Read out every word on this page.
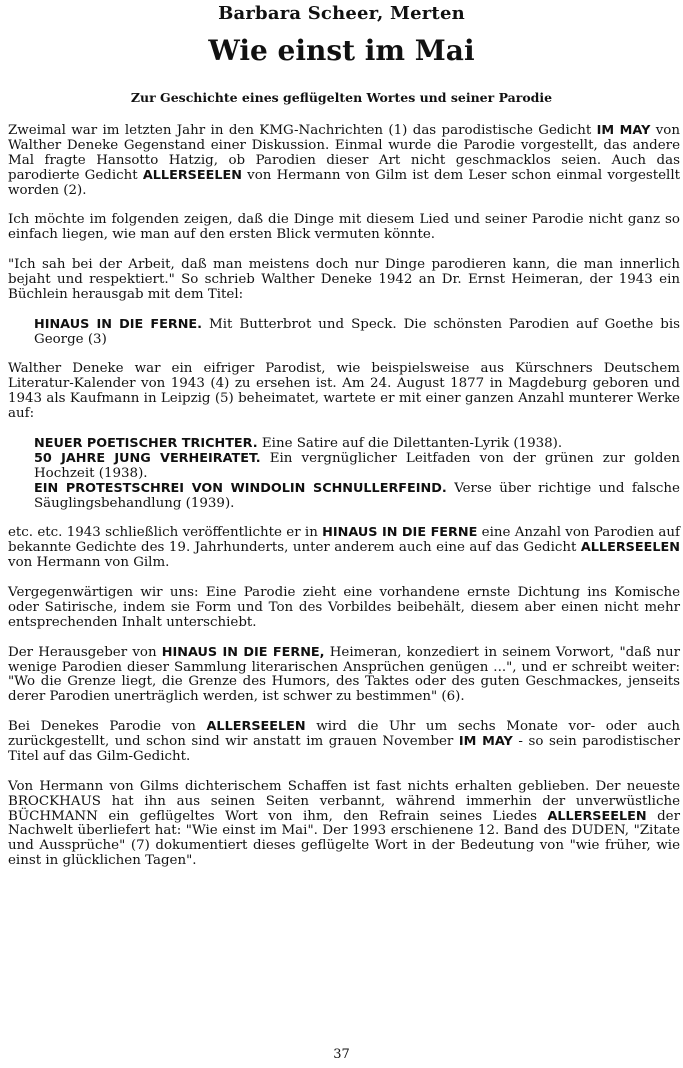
Barbara Scheer, Merten
Wie einst im Mai
Zur Geschichte eines geflügelten Wortes und seiner Parodie

Zweimal war im letzten Jahr in den KMG-Nachrichten (1) das parodistische Gedicht IM MAY von Walther Deneke Gegenstand einer Diskussion. Einmal wurde die Parodie vorgestellt, das andere Mal fragte Hansotto Hatzig, ob Parodien dieser Art nicht geschmacklos seien. Auch das parodierte Gedicht ALLERSEELEN von Hermann von Gilm ist dem Leser schon einmal vorgestellt worden (2).

Ich möchte im folgenden zeigen, daß die Dinge mit diesem Lied und seiner Parodie nicht ganz so einfach liegen, wie man auf den ersten Blick vermuten könnte.

"Ich sah bei der Arbeit, daß man meistens doch nur Dinge parodieren kann, die man innerlich bejaht und respektiert." So schrieb Walther Deneke 1942 an Dr. Ernst Heimeran, der 1943 ein Büchlein herausgab mit dem Titel:

HINAUS IN DIE FERNE. Mit Butterbrot und Speck. Die schönsten Parodien auf Goethe bis George (3)

Walther Deneke war ein eifriger Parodist, wie beispielsweise aus Kürschners Deutschem Literatur-Kalender von 1943 (4) zu ersehen ist. Am 24. August 1877 in Magdeburg geboren und 1943 als Kaufmann in Leipzig (5) beheimatet, wartete er mit einer ganzen Anzahl munterer Werke auf:

NEUER POETISCHER TRICHTER. Eine Satire auf die Dilettanten-Lyrik (1938).

50 JAHRE JUNG VERHEIRATET. Ein vergnüglicher Leitfaden von der grünen zur golden Hochzeit (1938).

EIN PROTESTSCHREI VON WINDOLIN SCHNULLERFEIND. Verse über richtige und falsche Säuglingsbehandlung (1939).

etc. etc. 1943 schließlich veröffentlichte er in HINAUS IN DIE FERNE eine Anzahl von Parodien auf bekannte Gedichte des 19. Jahrhunderts, unter anderem auch eine auf das Gedicht ALLERSEELEN von Hermann von Gilm.

Vergegenwärtigen wir uns: Eine Parodie zieht eine vorhandene ernste Dichtung ins Komische oder Satirische, indem sie Form und Ton des Vorbildes beibehält, diesem aber einen nicht mehr entsprechenden Inhalt unterschiebt.

Der Herausgeber von HINAUS IN DIE FERNE, Heimeran, konzediert in seinem Vorwort, "daß nur wenige Parodien dieser Sammlung literarischen Ansprüchen genügen ...", und er schreibt weiter: "Wo die Grenze liegt, die Grenze des Humors, des Taktes oder des guten Geschmackes, jenseits derer Parodien unerträglich werden, ist schwer zu bestimmen" (6).

Bei Denekes Parodie von ALLERSEELEN wird die Uhr um sechs Monate vor- oder auch zurückgestellt, und schon sind wir anstatt im grauen November IM MAY - so sein parodistischer Titel auf das Gilm-Gedicht.

Von Hermann von Gilms dichterischem Schaffen ist fast nichts erhalten geblieben. Der neueste BROCKHAUS hat ihn aus seinen Seiten verbannt, während immerhin der unverwüstliche BÜCHMANN ein geflügeltes Wort von ihm, den Refrain seines Liedes ALLERSEELEN der Nachwelt überliefert hat: "Wie einst im Mai". Der 1993 erschienene 12. Band des DUDEN, "Zitate und Aussprüche" (7) dokumentiert dieses geflügelte Wort in der Bedeutung von "wie früher, wie einst in glücklichen Tagen".

37
